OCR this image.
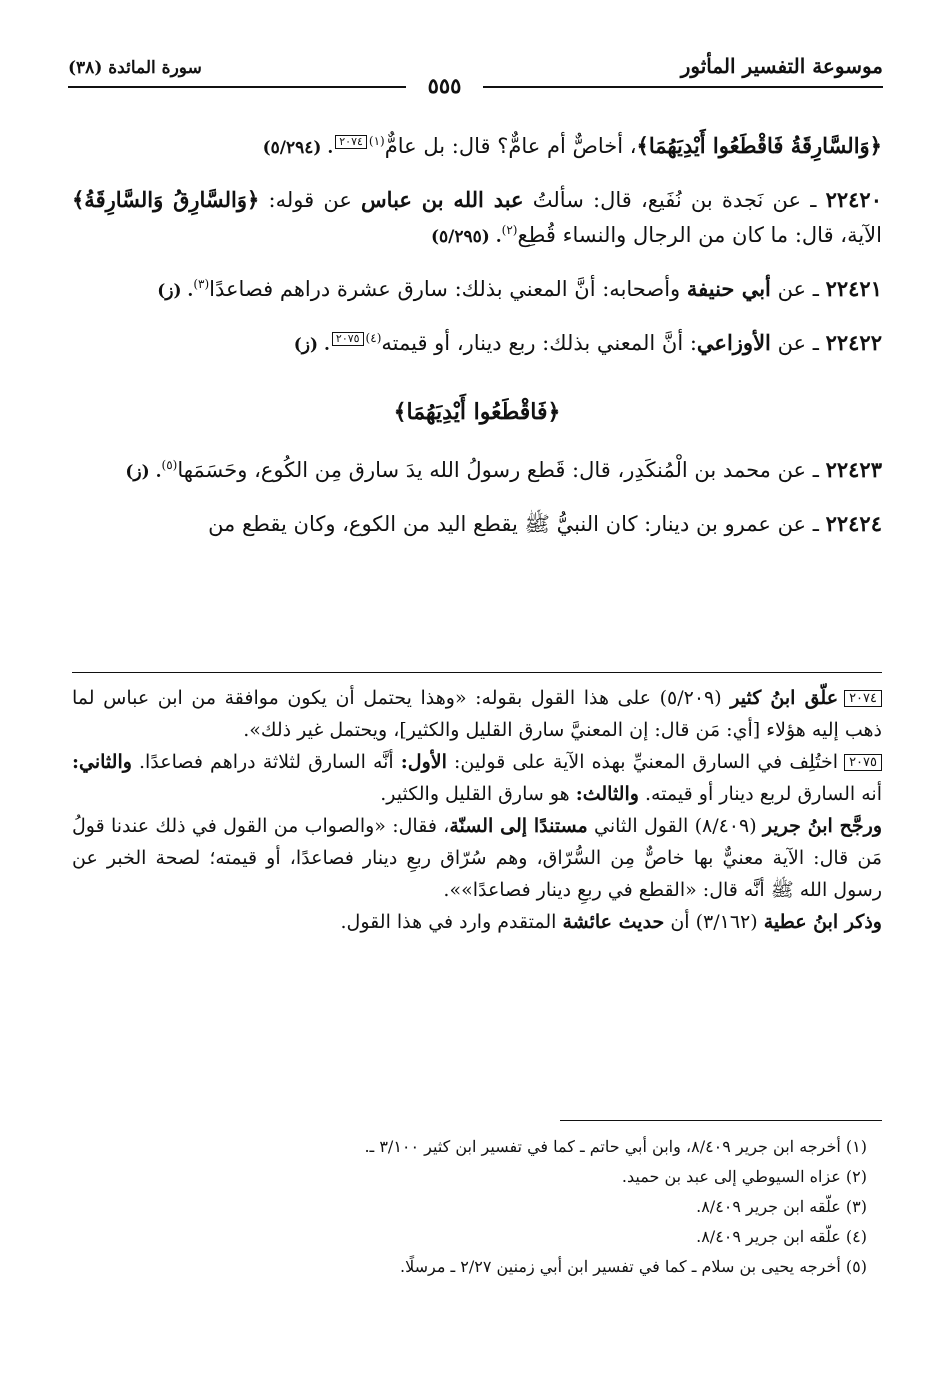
موسوعة التفسير المأثور
سورة المائدة (٣٨)
٥٥٥

﴿وَالسَّارِقَةُ فَاقْطَعُوا أَيْدِيَهُمَا﴾، أخاصٌّ أم عامٌّ؟ قال: بل عامٌّ$^{(١)}$٢٠٧٤. (٥/٢٩٤)

٢٢٤٢٠ ـ عن نَجدة بن نُفَيع، قال: سألتُ عبد الله بن عباس عن قوله: ﴿وَالسَّارِقُ وَالسَّارِقَةُ﴾ الآية، قال: ما كان من الرجال والنساء قُطِع$^{(٢)}$. (٥/٢٩٥)

٢٢٤٢١ ـ عن أبي حنيفة وأصحابه: أنَّ المعني بذلك: سارق عشرة دراهم فصاعدًا$^{(٣)}$. (ز)

٢٢٤٢٢ ـ عن الأوزاعي: أنَّ المعني بذلك: ربع دينار، أو قيمته$^{(٤)}$٢٠٧٥. (ز)

﴿فَاقْطَعُوا أَيْدِيَهُمَا﴾

٢٢٤٢٣ ـ عن محمد بن الْمُنكَدِر، قال: قَطع رسولُ الله يدَ سارق مِن الكُوع، وحَسَمَها$^{(٥)}$. (ز)

٢٢٤٢٤ ـ عن عمرو بن دينار: كان النبيُّ ﷺ يقطع اليد من الكوع، وكان يقطع من

٢٠٧٤علّق ابنُ كثير (٥/٢٠٩) على هذا القول بقوله: «وهذا يحتمل أن يكون موافقة من ابن عباس لما ذهب إليه هؤلاء [أي: مَن قال: إن المعنيَّ سارق القليل والكثير]، ويحتمل غير ذلك».

٢٠٧٥اختُلِف في السارق المعنيِّ بهذه الآية على قولين: الأول: أنَّه السارق لثلاثة دراهم فصاعدًا. والثاني: أنه السارق لربع دينار أو قيمته. والثالث: هو سارق القليل والكثير.

ورجَّح ابنُ جرير (٨/٤٠٩) القول الثاني مستندًا إلى السنّة، فقال: «والصواب من القول في ذلك عندنا قولُ مَن قال: الآية معنيٌّ بها خاصٌّ مِن السُّرّاق، وهم سُرّاق ربعِ دينار فصاعدًا، أو قيمته؛ لصحة الخبر عن رسول الله ﷺ أنَّه قال: «القطع في ربعِ دينار فصاعدًا»».

وذكر ابنُ عطية (٣/١٦٢) أن حديث عائشة المتقدم وارد في هذا القول.

(١) أخرجه ابن جرير ٨/٤٠٩، وابن أبي حاتم ـ كما في تفسير ابن كثير ٣/١٠٠ ـ.

(٢) عزاه السيوطي إلى عبد بن حميد.

(٣) علّقه ابن جرير ٨/٤٠٩.

(٤) علّقه ابن جرير ٨/٤٠٩.

(٥) أخرجه يحيى بن سلام ـ كما في تفسير ابن أبي زمنين ٢/٢٧ ـ مرسلًا.
